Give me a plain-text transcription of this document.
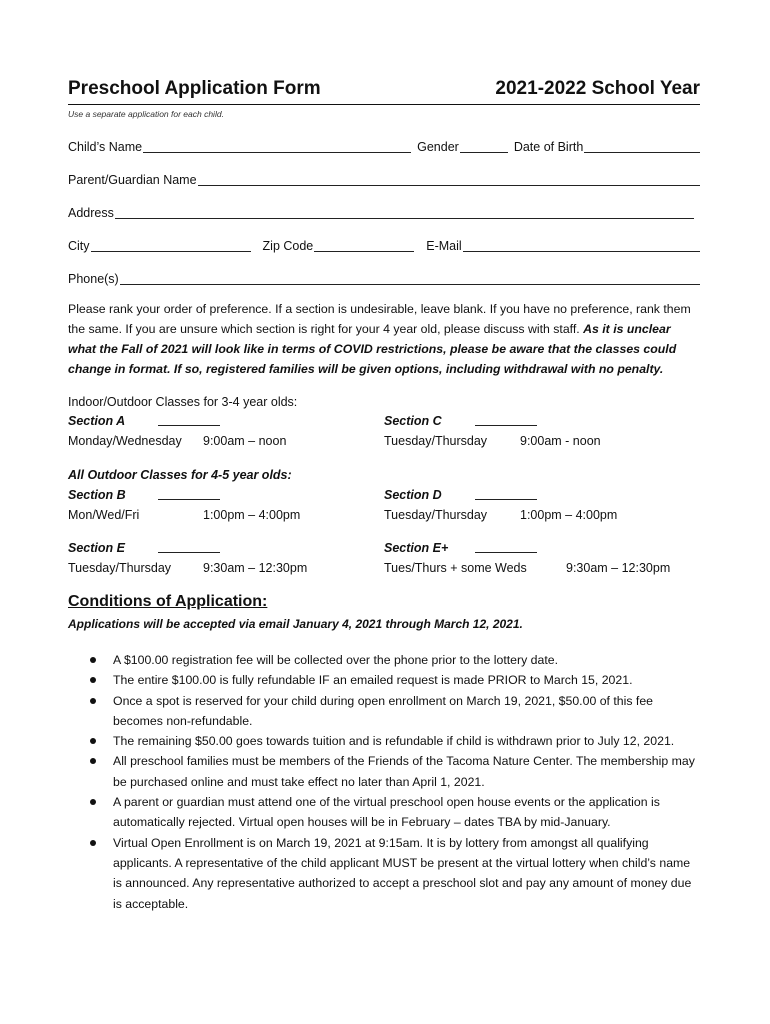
Preschool Application Form	2021-2022 School Year
Use a separate application for each child.
Child’s Name	Gender	Date of Birth
Parent/Guardian Name
Address
City	Zip Code	E-Mail
Phone(s)
Please rank your order of preference. If a section is undesirable, leave blank. If you have no preference, rank them the same. If you are unsure which section is right for your 4 year old, please discuss with staff. As it is unclear what the Fall of 2021 will look like in terms of COVID restrictions, please be aware that the classes could change in format. If so, registered families will be given options, including withdrawal with no penalty.
Indoor/Outdoor Classes for 3-4 year olds:
Section A
Monday/Wednesday 9:00am – noon
Section C
Tuesday/Thursday	9:00am - noon
All Outdoor Classes for 4-5 year olds:
Section B
Mon/Wed/Fri	1:00pm – 4:00pm
Section D
Tuesday/Thursday	1:00pm – 4:00pm
Section E
Tuesday/Thursday	9:30am – 12:30pm
Section E+
Tues/Thurs + some Weds	9:30am – 12:30pm
Conditions of Application:
Applications will be accepted via email January 4, 2021 through March 12, 2021.
A $100.00 registration fee will be collected over the phone prior to the lottery date.
The entire $100.00 is fully refundable IF an emailed request is made PRIOR to March 15, 2021.
Once a spot is reserved for your child during open enrollment on March 19, 2021, $50.00 of this fee becomes non-refundable.
The remaining $50.00 goes towards tuition and is refundable if child is withdrawn prior to July 12, 2021.
All preschool families must be members of the Friends of the Tacoma Nature Center. The membership may be purchased online and must take effect no later than April 1, 2021.
A parent or guardian must attend one of the virtual preschool open house events or the application is automatically rejected. Virtual open houses will be in February – dates TBA by mid-January.
Virtual Open Enrollment is on March 19, 2021 at 9:15am. It is by lottery from amongst all qualifying applicants. A representative of the child applicant MUST be present at the virtual lottery when child’s name is announced. Any representative authorized to accept a preschool slot and pay any amount of money due is acceptable.
